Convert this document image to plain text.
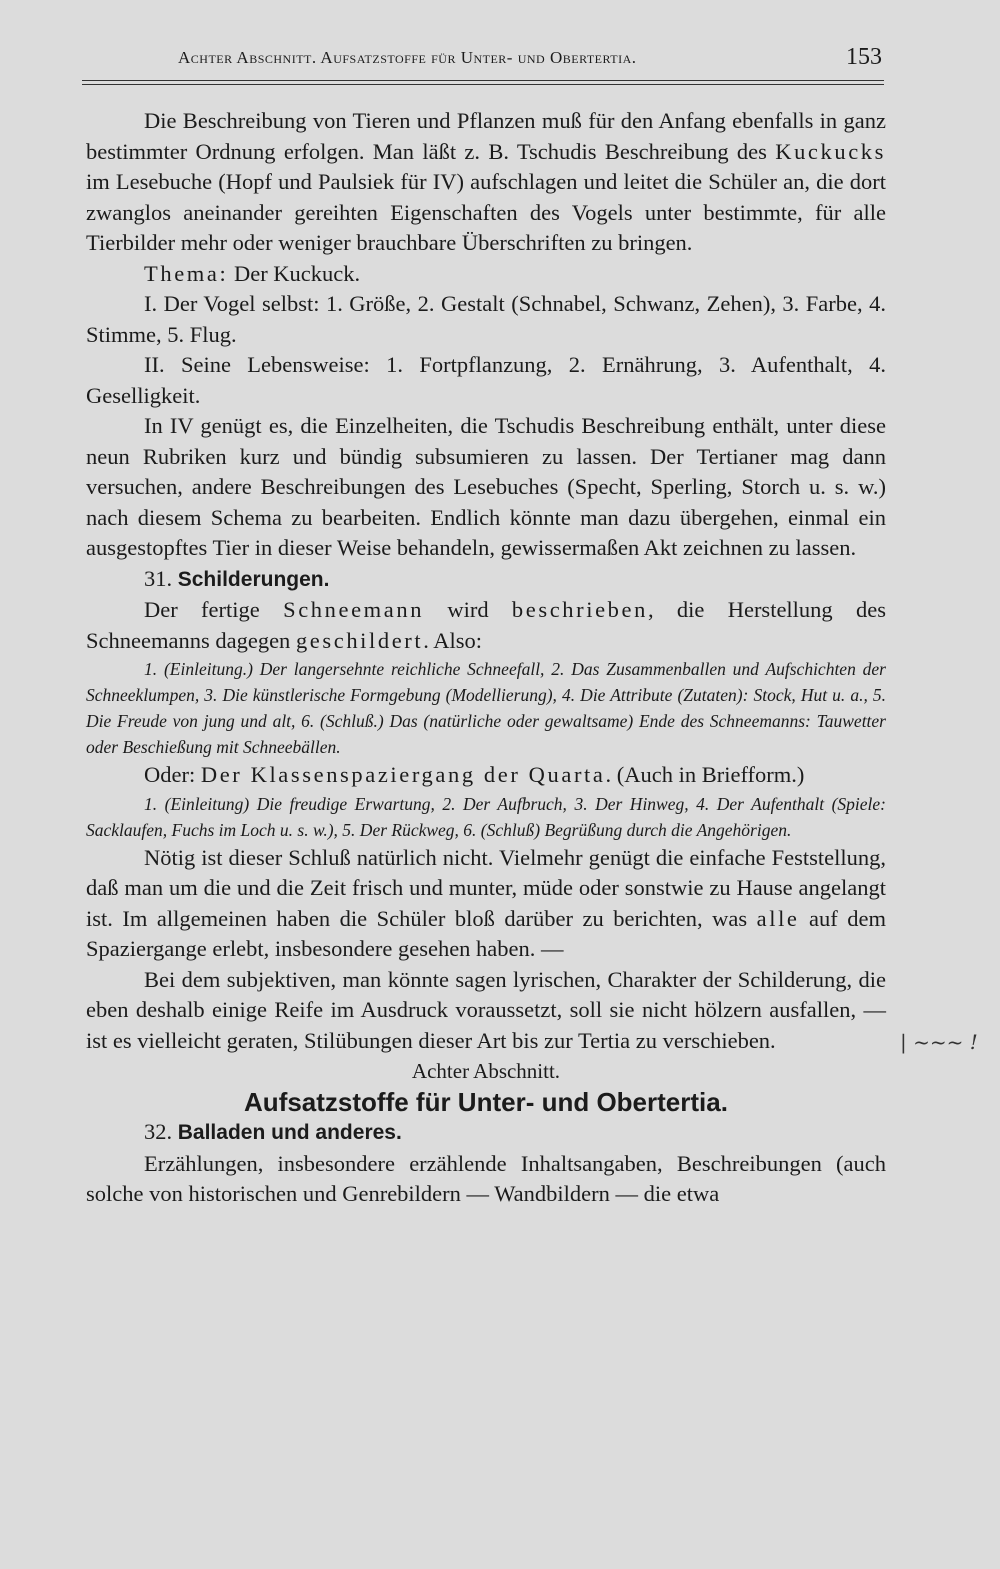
Achter Abschnitt. Aufsatzstoffe für Unter- und Obertertia.	153

Die Beschreibung von Tieren und Pflanzen muß für den Anfang ebenfalls in ganz bestimmter Ordnung erfolgen. Man läßt z. B. Tschudis Beschreibung des Kuckucks im Lesebuche (Hopf und Paulsiek für IV) aufschlagen und leitet die Schüler an, die dort zwanglos aneinander gereihten Eigenschaften des Vogels unter bestimmte, für alle Tierbilder mehr oder weniger brauchbare Überschriften zu bringen.

Thema: Der Kuckuck.

I. Der Vogel selbst: 1. Größe, 2. Gestalt (Schnabel, Schwanz, Zehen), 3. Farbe, 4. Stimme, 5. Flug.

II. Seine Lebensweise: 1. Fortpflanzung, 2. Ernährung, 3. Aufenthalt, 4. Geselligkeit.

In IV genügt es, die Einzelheiten, die Tschudis Beschreibung enthält, unter diese neun Rubriken kurz und bündig subsumieren zu lassen. Der Tertianer mag dann versuchen, andere Beschreibungen des Lesebuches (Specht, Sperling, Storch u. s. w.) nach diesem Schema zu bearbeiten. Endlich könnte man dazu übergehen, einmal ein ausgestopftes Tier in dieser Weise behandeln, gewissermaßen Akt zeichnen zu lassen.

31. Schilderungen.

Der fertige Schneemann wird beschrieben, die Herstellung des Schneemanns dagegen geschildert. Also:

1. (Einleitung.) Der langersehnte reichliche Schneefall, 2. Das Zusammenballen und Aufschichten der Schneeklumpen, 3. Die künstlerische Formgebung (Modellierung), 4. Die Attribute (Zutaten): Stock, Hut u. a., 5. Die Freude von jung und alt, 6. (Schluß.) Das (natürliche oder gewaltsame) Ende des Schneemanns: Tauwetter oder Beschießung mit Schneebällen.

Oder: Der Klassenspaziergang der Quarta. (Auch in Briefform.)

1. (Einleitung) Die freudige Erwartung, 2. Der Aufbruch, 3. Der Hinweg, 4. Der Aufenthalt (Spiele: Sacklaufen, Fuchs im Loch u. s. w.), 5. Der Rückweg, 6. (Schluß) Begrüßung durch die Angehörigen.

Nötig ist dieser Schluß natürlich nicht. Vielmehr genügt die einfache Feststellung, daß man um die und die Zeit frisch und munter, müde oder sonstwie zu Hause angelangt ist. Im allgemeinen haben die Schüler bloß darüber zu berichten, was alle auf dem Spaziergange erlebt, insbesondere gesehen haben. —

Bei dem subjektiven, man könnte sagen lyrischen, Charakter der Schilderung, die eben deshalb einige Reife im Ausdruck voraussetzt, soll sie nicht hölzern ausfallen, — ist es vielleicht geraten, Stilübungen dieser Art bis zur Tertia zu verschieben.

Achter Abschnitt.

Aufsatzstoffe für Unter- und Obertertia.

32. Balladen und anderes.

Erzählungen, insbesondere erzählende Inhaltsangaben, Beschreibungen (auch solche von historischen und Genrebildern — Wandbildern — die etwa

| ~~~ !
